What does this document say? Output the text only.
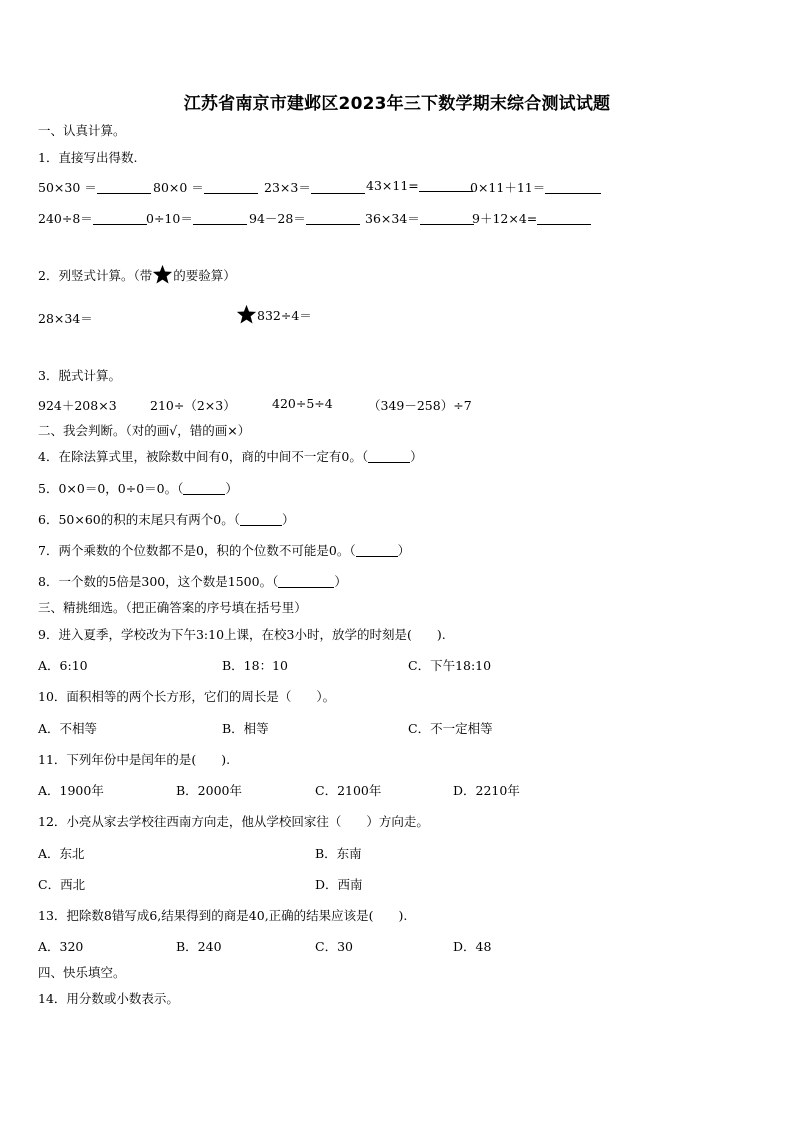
江苏省南京市建邺区2023年三下数学期末综合测试试题
一、认真计算。
1．直接写出得数.
50×30 ＝	80×0 ＝	23×3＝	43×11=	0×11＋11＝
240÷8＝	0÷10＝	94－28＝	36×34＝	9＋12×4=
2．列竖式计算。（带 的要验算）
28×34＝	832÷4＝
3．脱式计算。
924＋208×3	210÷（2×3）	420÷5÷4	（349－258）÷7
二、我会判断。（对的画√，错的画×）
4．在除法算式里，被除数中间有0，商的中间不一定有0。（	）
5．0×0＝0，0÷0＝0。（	）
6．50×60的积的末尾只有两个0。（	）
7．两个乘数的个位数都不是0，积的个位数不可能是0。（	）
8．一个数的5倍是300，这个数是1500。（	）
三、精挑细选。（把正确答案的序号填在括号里）
9．进入夏季，学校改为下午3:10上课，在校3小时，放学的时刻是(　　).
A．6:10	B．18：10	C．下午18:10
10．面积相等的两个长方形，它们的周长是（　　）。
A．不相等	B．相等	C．不一定相等
11．下列年份中是闰年的是(　　).
A．1900年	B．2000年	C．2100年	D．2210年
12．小亮从家去学校往西南方向走，他从学校回家往（　　）方向走。
A．东北	B．东南
C．西北	D．西南
13．把除数8错写成6,结果得到的商是40,正确的结果应该是(　　).
A．320	B．240	C．30	D．48
四、快乐填空。
14．用分数或小数表示。
